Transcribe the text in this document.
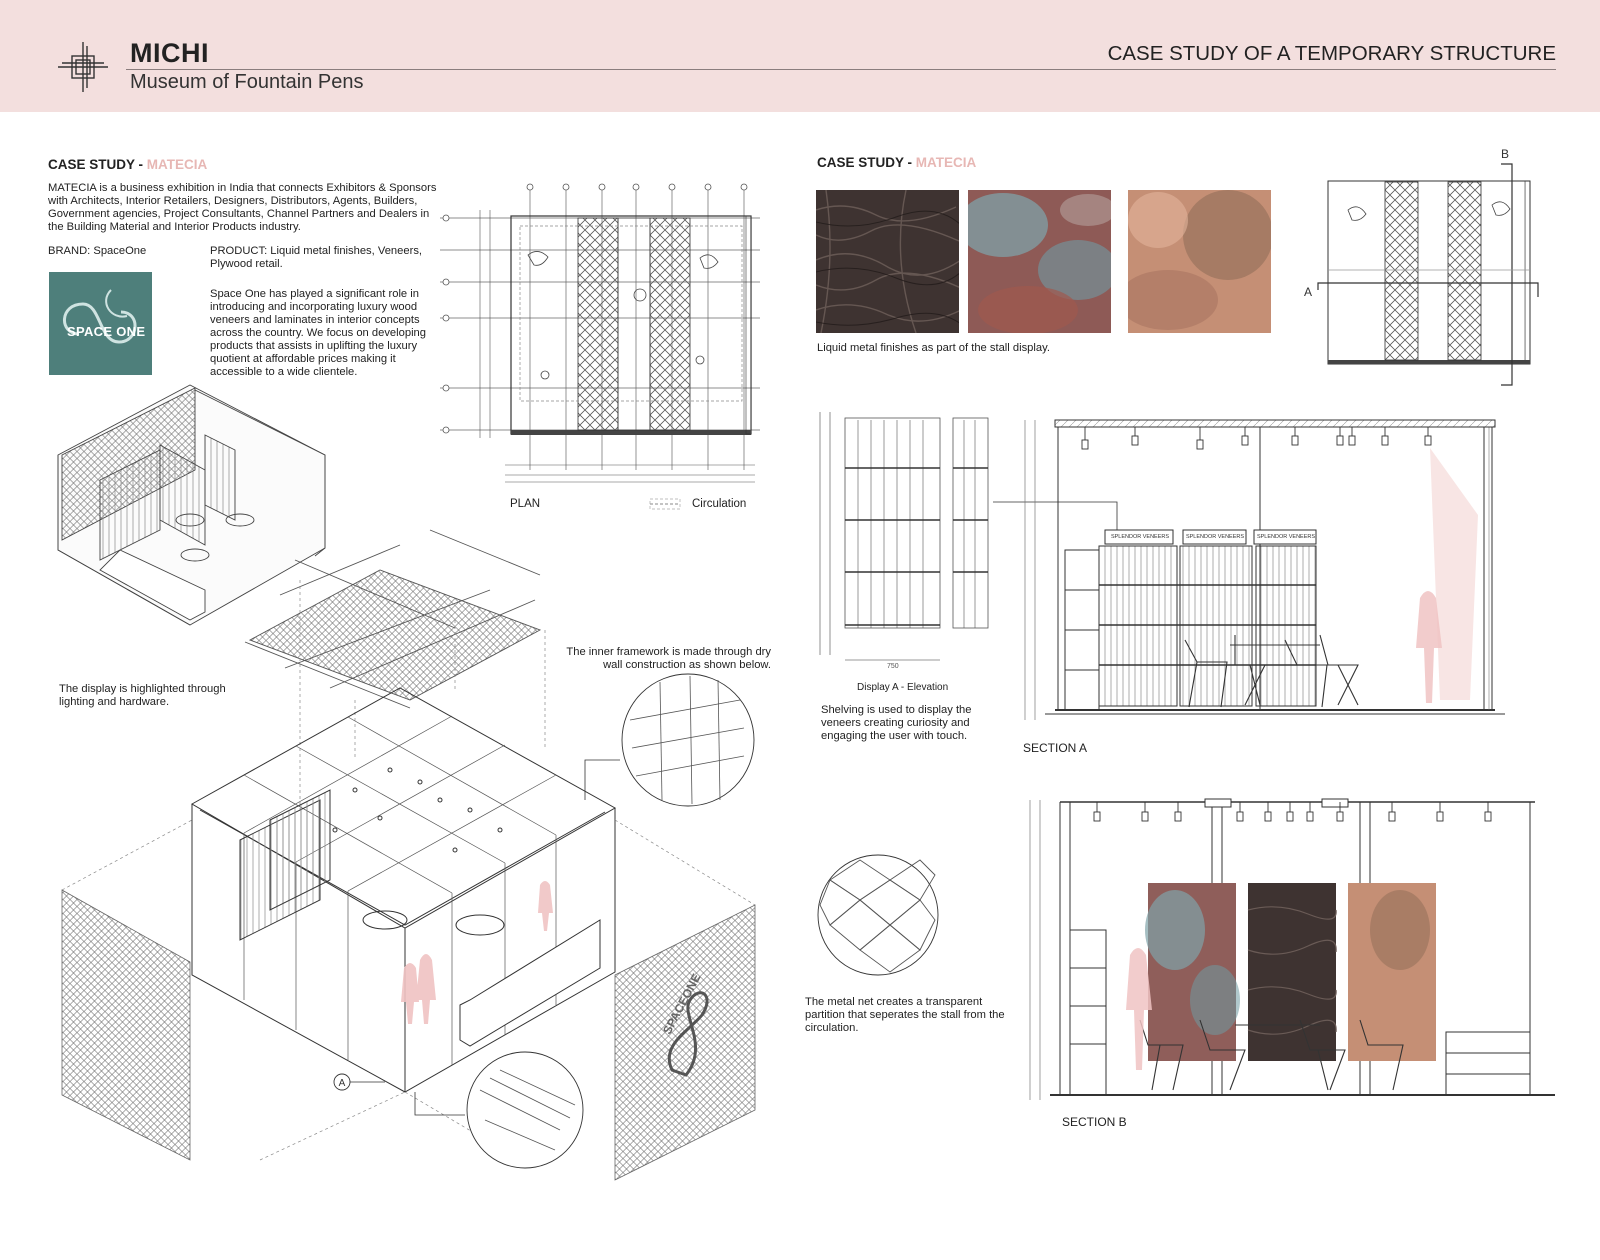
MICHI
Museum of Fountain Pens
CASE STUDY OF A TEMPORARY STRUCTURE
CASE STUDY - MATECIA
MATECIA is a business exhibition in India that connects Exhibitors & Sponsors with Architects, Interior Retailers, Designers, Distributors, Agents, Builders, Government agencies, Project Consultants, Channel Partners and Dealers in the Building Material and Interior Products industry.
BRAND: SpaceOne	PRODUCT: Liquid metal finishes, Veneers, Plywood retail.
Space One has played a significant role in introducing and incorporating luxury wood veneers and laminates in interior concepts across the country. We focus on developing products that assists in uplifting the luxury quotient at affordable prices making it accessible to a wide clientele.
SPACE ONE
A
PLAN	Circulation
The display is highlighted through lighting and hardware.
The inner framework is made through dry wall construction as shown below.
SPACEONE
CASE STUDY - MATECIA
Liquid metal finishes as part of the stall display.
B
A
750
Display A - Elevation
Shelving is used to display the veneers creating curiosity and engaging the user with touch.
SPLENDOR VENEERS	SPLENDOR VENEERS	SPLENDOR VENEERS
SECTION A
The metal net creates a transparent partition that seperates the stall from the circulation.
SECTION B
